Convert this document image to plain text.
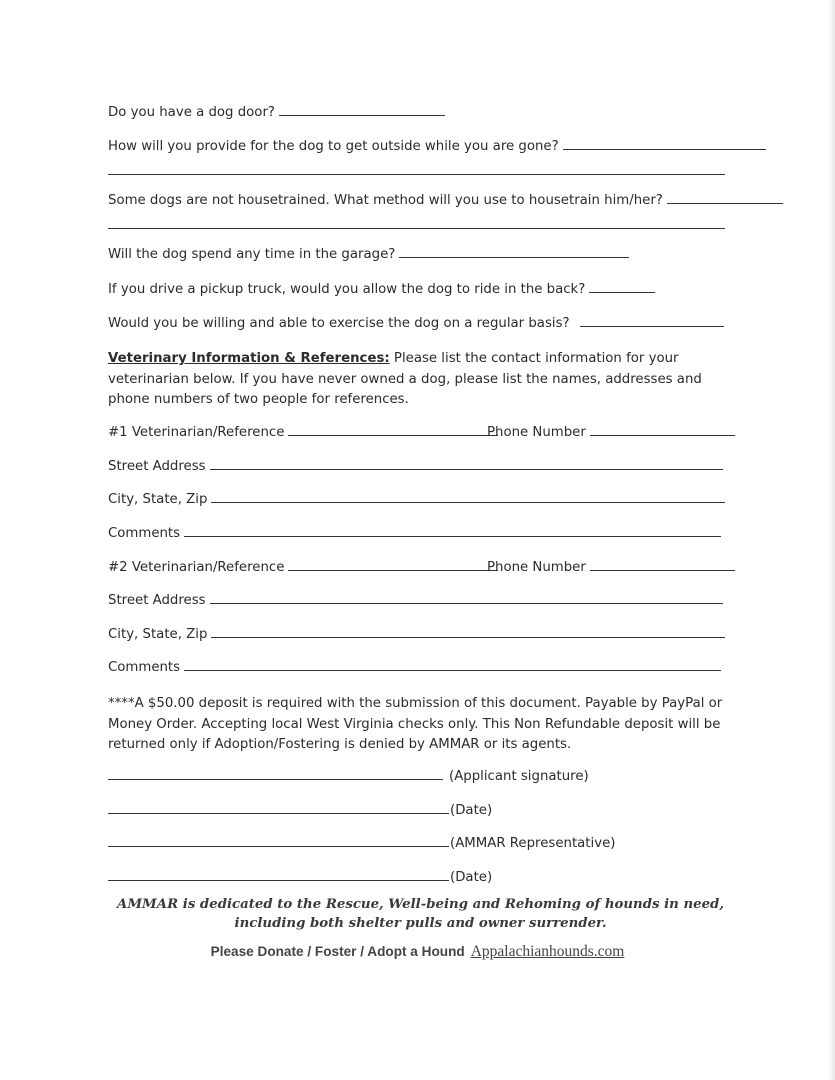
Do you have a dog door?
How will you provide for the dog to get outside while you are gone?
Some dogs are not housetrained. What method will you use to housetrain him/her?
Will the dog spend any time in the garage?
If you drive a pickup truck, would you allow the dog to ride in the back?
Would you be willing and able to exercise the dog on a regular basis?
Veterinary Information & References: Please list the contact information for your veterinarian below. If you have never owned a dog, please list the names, addresses and phone numbers of two people for references.
#1 Veterinarian/Reference	Phone Number
Street Address
City, State, Zip
Comments
#2 Veterinarian/Reference	Phone Number
Street Address
City, State, Zip
Comments
****A $50.00 deposit is required with the submission of this document. Payable by PayPal or Money Order. Accepting local West Virginia checks only. This Non Refundable deposit will be returned only if Adoption/Fostering is denied by AMMAR or its agents.
(Applicant signature)
(Date)
(AMMAR Representative)
(Date)
AMMAR is dedicated to the Rescue, Well-being and Rehoming of hounds in need, including both shelter pulls and owner surrender.
Please Donate / Foster / Adopt a Hound Appalachianhounds.com
